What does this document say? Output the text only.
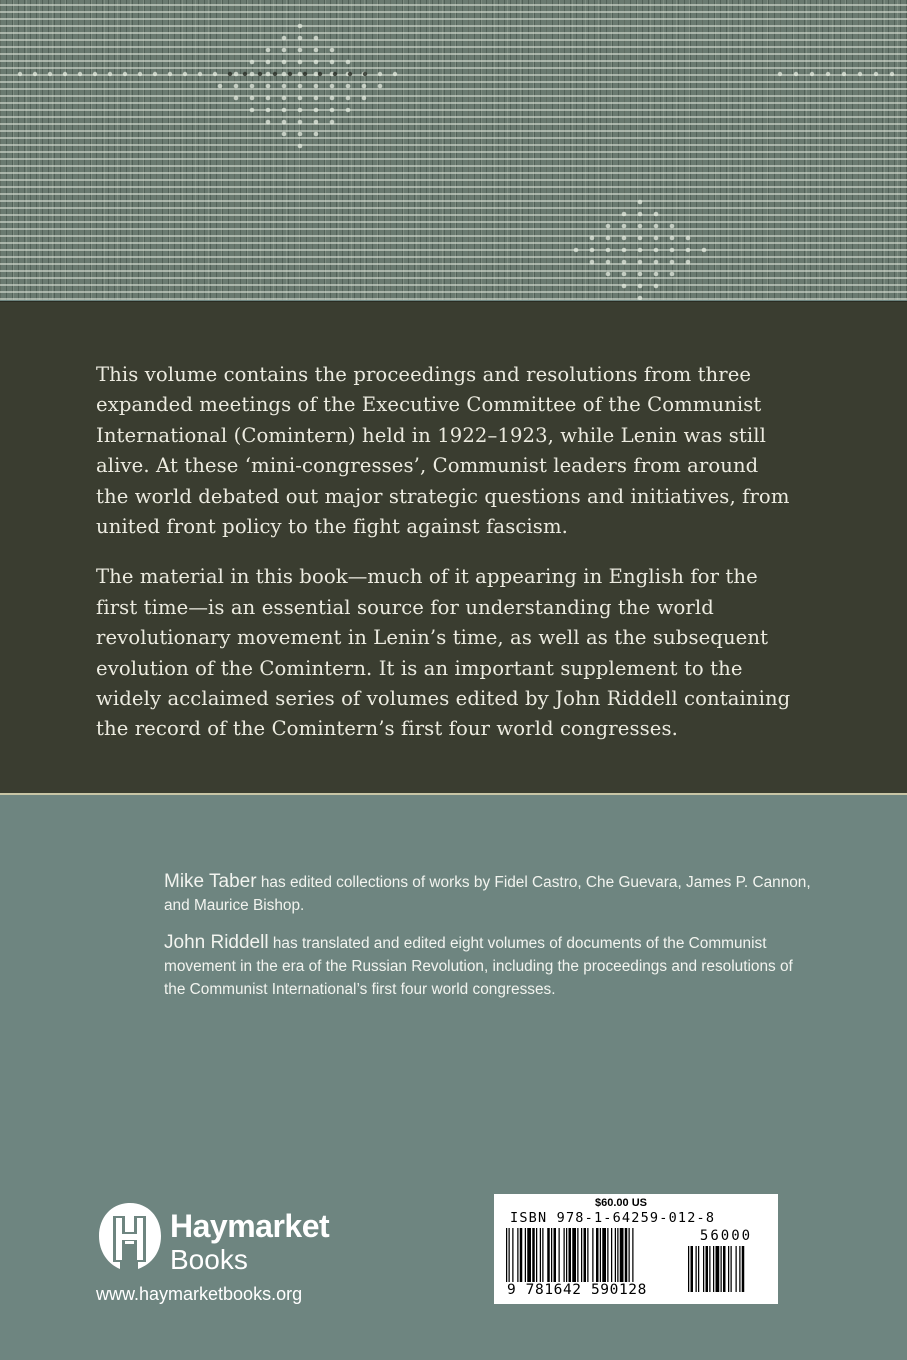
This volume contains the proceedings and resolutions from three expanded meetings of the Executive Committee of the Communist International (Comintern) held in 1922–1923, while Lenin was still alive. At these ‘mini-congresses’, Communist leaders from around the world debated out major strategic questions and initiatives, from united front policy to the fight against fascism.

The material in this book—much of it appearing in English for the first time—is an essential source for understanding the world revolutionary movement in Lenin’s time, as well as the subsequent evolution of the Comintern. It is an important supplement to the widely acclaimed series of volumes edited by John Riddell containing the record of the Comintern’s first four world congresses.

Mike Taber has edited collections of works by Fidel Castro, Che Guevara, James P. Cannon, and Maurice Bishop.

John Riddell has translated and edited eight volumes of documents of the Communist movement in the era of the Russian Revolution, including the proceedings and resolutions of the Communist International’s first four world congresses.

Haymarket
Books
www.haymarketbooks.org
$60.00 US
ISBN 978-1-64259-012-8
56000
9 781642 590128
